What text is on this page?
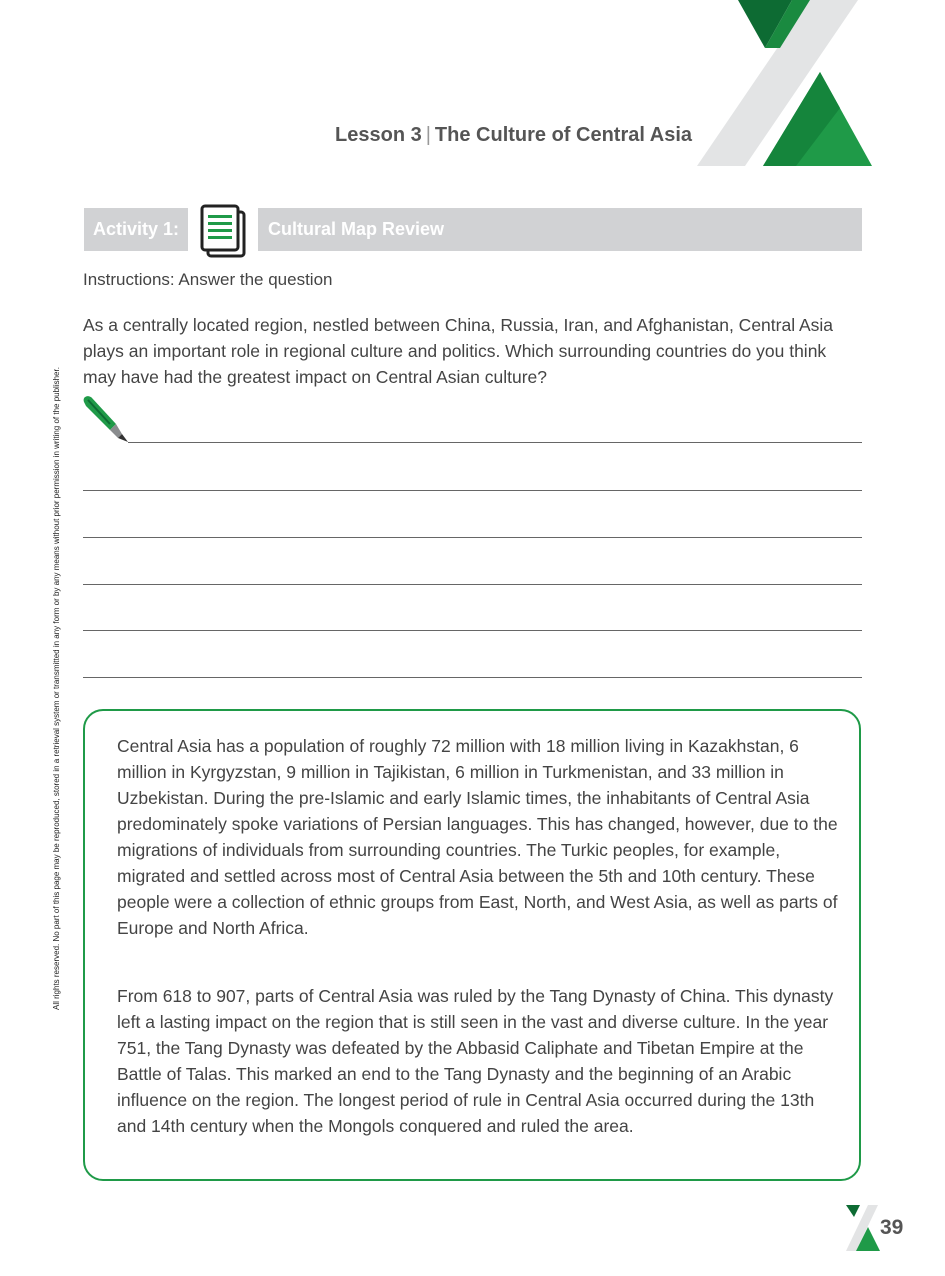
Lesson 3 | The Culture of Central Asia
All rights reserved. No part of this page may be reproduced, stored in a retrieval system or transmitted in any form or by any means without prior permission in writing of the publisher.
Activity 1:	Cultural Map Review
Instructions: Answer the question
As a centrally located region, nestled between China, Russia, Iran, and Afghanistan, Central Asia plays an important role in regional culture and politics. Which surrounding countries do you think may have had the greatest impact on Central Asian culture?
Central Asia has a population of roughly 72 million with 18 million living in Kazakhstan, 6 million in Kyrgyzstan, 9 million in Tajikistan, 6 million in Turkmenistan, and 33 million in Uzbekistan. During the pre-Islamic and early Islamic times, the inhabitants of Central Asia predominately spoke variations of Persian languages. This has changed, however, due to the migrations of individuals from surrounding countries. The Turkic peoples, for example, migrated and settled across most of Central Asia between the 5th and 10th century. These people were a collection of ethnic groups from East, North, and West Asia, as well as parts of Europe and North Africa.
From 618 to 907, parts of Central Asia was ruled by the Tang Dynasty of China. This dynasty left a lasting impact on the region that is still seen in the vast and diverse culture. In the year 751, the Tang Dynasty was defeated by the Abbasid Caliphate and Tibetan Empire at the Battle of Talas. This marked an end to the Tang Dynasty and the beginning of an Arabic influence on the region. The longest period of rule in Central Asia occurred during the 13th and 14th century when the Mongols conquered and ruled the area.
39
